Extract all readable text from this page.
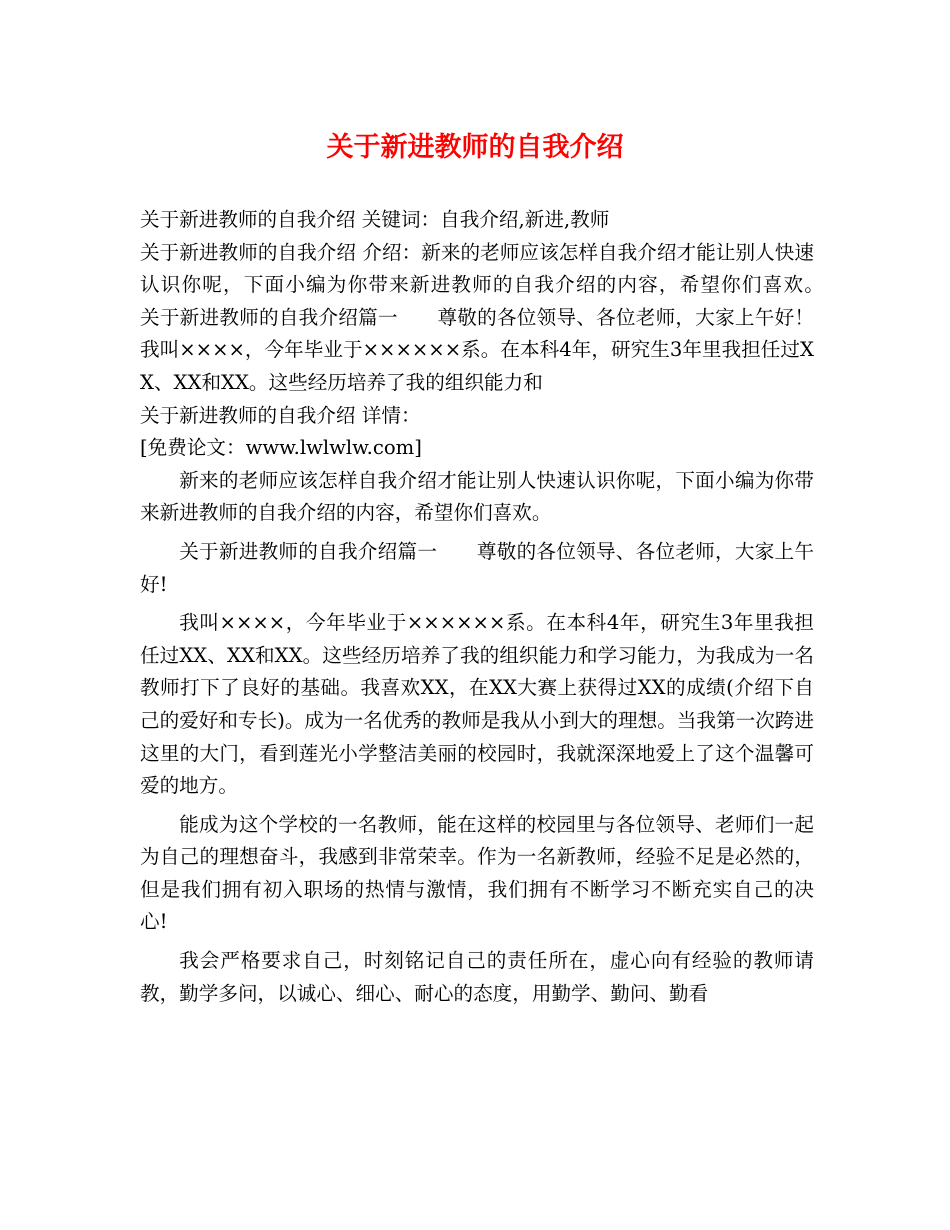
关于新进教师的自我介绍

关于新进教师的自我介绍 关键词：自我介绍,新进,教师

关于新进教师的自我介绍 介绍：新来的老师应该怎样自我介绍才能让别人快速认识你呢，下面小编为你带来新进教师的自我介绍的内容，希望你们喜欢。　　关于新进教师的自我介绍篇一　　尊敬的各位领导、各位老师，大家上午好！　　我叫××××，今年毕业于××××××系。在本科4年，研究生3年里我担任过XX、XX和XX。这些经历培养了我的组织能力和

关于新进教师的自我介绍 详情：

[免费论文：www.lwlwlw.com]

新来的老师应该怎样自我介绍才能让别人快速认识你呢，下面小编为你带来新进教师的自我介绍的内容，希望你们喜欢。

关于新进教师的自我介绍篇一　　尊敬的各位领导、各位老师，大家上午好!

我叫××××，今年毕业于××××××系。在本科4年，研究生3年里我担任过XX、XX和XX。这些经历培养了我的组织能力和学习能力，为我成为一名教师打下了良好的基础。我喜欢XX，在XX大赛上获得过XX的成绩(介绍下自己的爱好和专长)。成为一名优秀的教师是我从小到大的理想。当我第一次跨进这里的大门，看到莲光小学整洁美丽的校园时，我就深深地爱上了这个温馨可爱的地方。

能成为这个学校的一名教师，能在这样的校园里与各位领导、老师们一起为自己的理想奋斗，我感到非常荣幸。作为一名新教师，经验不足是必然的，但是我们拥有初入职场的热情与激情，我们拥有不断学习不断充实自己的决心!

我会严格要求自己，时刻铭记自己的责任所在，虚心向有经验的教师请教，勤学多问，以诚心、细心、耐心的态度，用勤学、勤问、勤看
